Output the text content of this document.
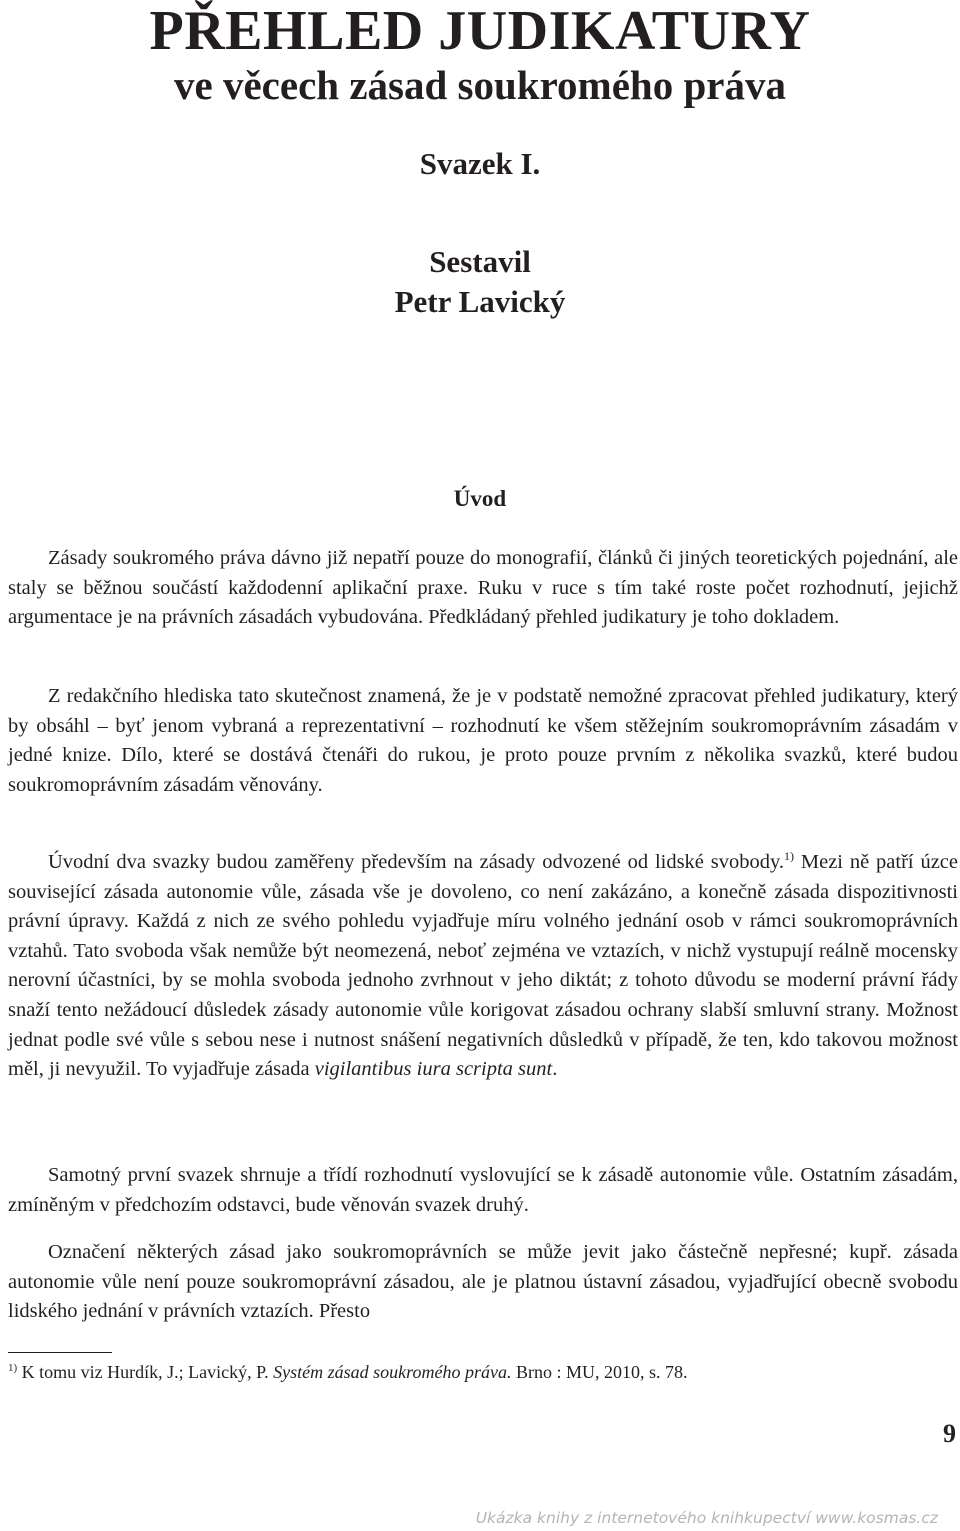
PŘEHLED JUDIKATURY
ve věcech zásad soukromého práva
Svazek I.
Sestavil
Petr Lavický
Úvod

Zásady soukromého práva dávno již nepatří pouze do monografií, článků či jiných teoretických pojednání, ale staly se běžnou součástí každodenní aplikační praxe. Ruku v ruce s tím také roste počet rozhodnutí, jejichž argumentace je na právních zásadách vybudována. Předkládaný přehled judikatury je toho dokladem.

Z redakčního hlediska tato skutečnost znamená, že je v podstatě nemožné zpracovat přehled judikatury, který by obsáhl – byť jenom vybraná a reprezentativní – rozhodnutí ke všem stěžejním soukromoprávním zásadám v jedné knize. Dílo, které se dostává čtenáři do rukou, je proto pouze prvním z několika svazků, které budou soukromoprávním zásadám věnovány.

Úvodní dva svazky budou zaměřeny především na zásady odvozené od lidské svobody.$^{1)}$ Mezi ně patří úzce související zásada autonomie vůle, zásada vše je dovoleno, co není zakázáno, a konečně zásada dispozitivnosti právní úpravy. Každá z nich ze svého pohledu vyjadřuje míru volného jednání osob v rámci soukromoprávních vztahů. Tato svoboda však nemůže být neomezená, neboť zejména ve vztazích, v nichž vystupují reálně mocensky nerovní účastníci, by se mohla svoboda jednoho zvrhnout v jeho diktát; z tohoto důvodu se moderní právní řády snaží tento nežádoucí důsledek zásady autonomie vůle korigovat zásadou ochrany slabší smluvní strany. Možnost jednat podle své vůle s sebou nese i nutnost snášení negativních důsledků v případě, že ten, kdo takovou možnost měl, ji nevyužil. To vyjadřuje zásada vigilantibus iura scripta sunt.

Samotný první svazek shrnuje a třídí rozhodnutí vyslovující se k zásadě autonomie vůle. Ostatním zásadám, zmíněným v předchozím odstavci, bude věnován svazek druhý.

Označení některých zásad jako soukromoprávních se může jevit jako částečně nepřesné; kupř. zásada autonomie vůle není pouze soukromoprávní zásadou, ale je platnou ústavní zásadou, vyjadřující obecně svobodu lidského jednání v právních vztazích. Přesto

$^{1)}$ K tomu viz Hurdík, J.; Lavický, P. Systém zásad soukromého práva. Brno : MU, 2010, s. 78.
9
Ukázka knihy z internetového knihkupectví www.kosmas.cz
